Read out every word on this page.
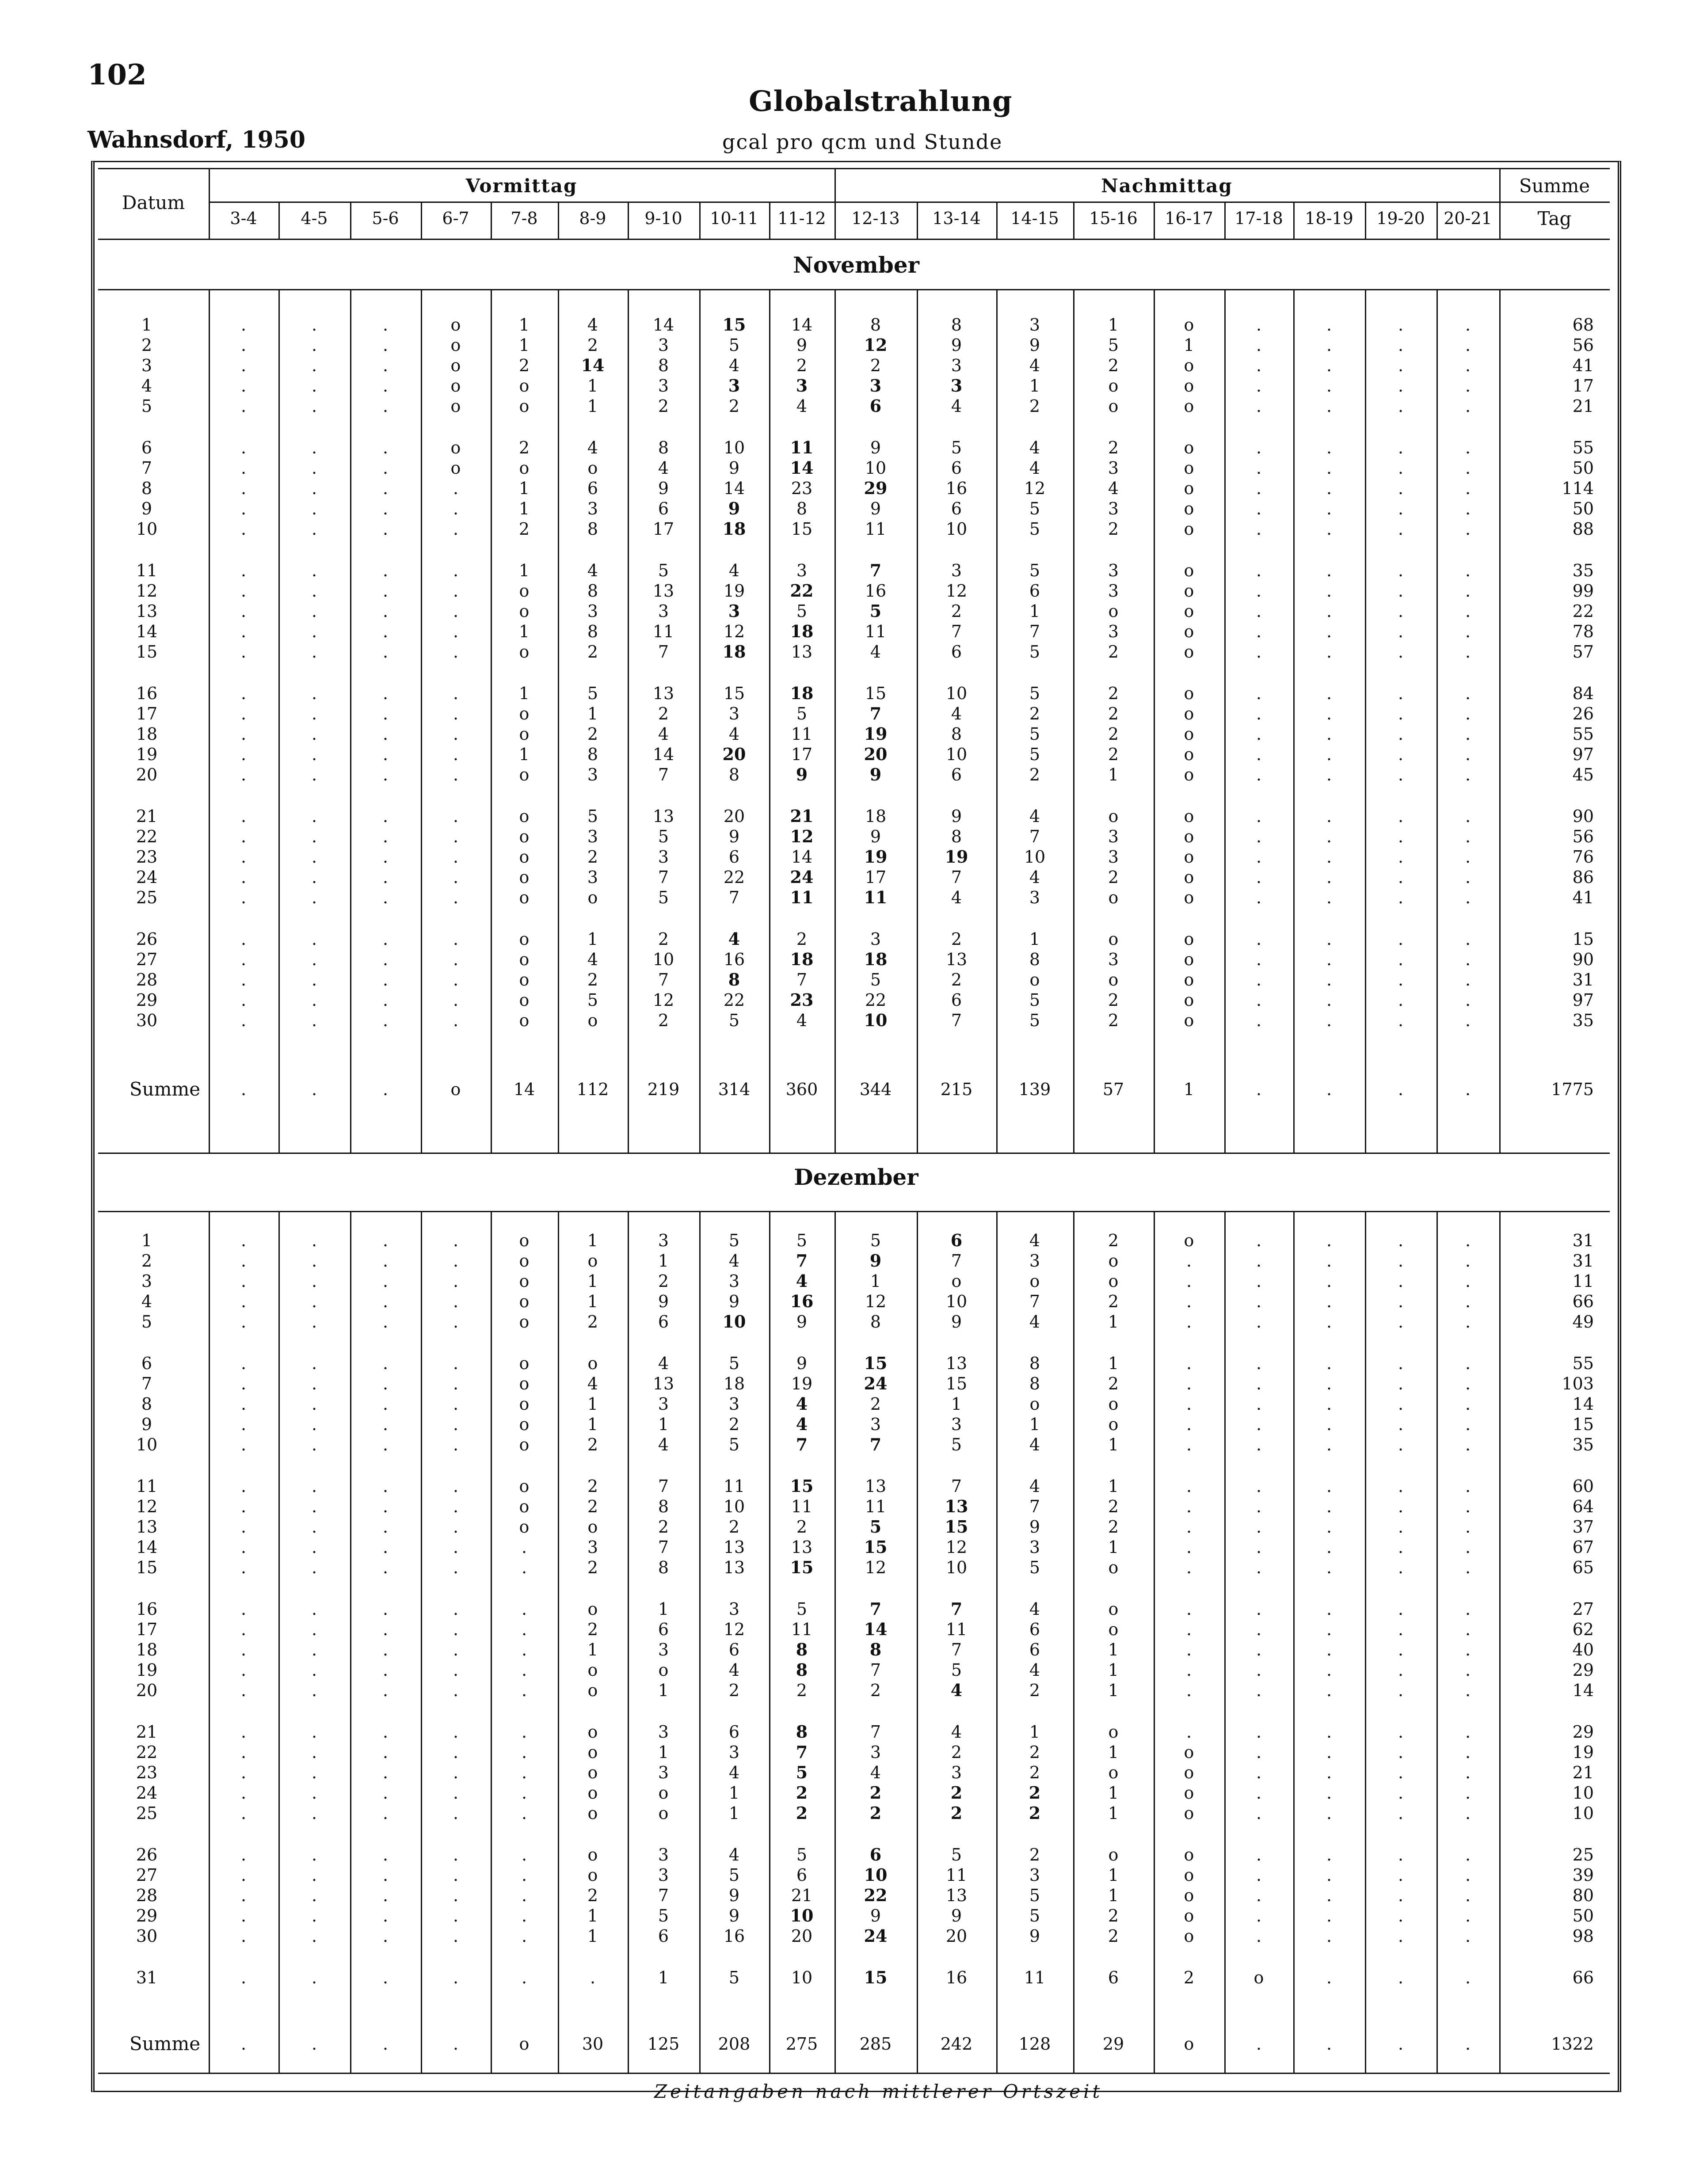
102
Globalstrahlung
Wahnsdorf, 1950	gcal pro qcm und Stunde
Datum
Vormittag	Nachmittag	Summe
Tag
3-4	4-5	5-6	6-7	7-8	8-9	9-10	10-11	11-12	12-13	13-14	14-15	15-16	16-17	17-18	18-19	19-20	20-21
November
1	.	.	.	o	1	4	14	15	14	8	8	3	1	o	.	.	.	.	68
2	.	.	.	o	1	2	3	5	9	12	9	9	5	1	.	.	.	.	56
3	.	.	.	o	2	14	8	4	2	2	3	4	2	o	.	.	.	.	41
4	.	.	.	o	o	1	3	3	3	3	3	1	o	o	.	.	.	.	17
5	.	.	.	o	o	1	2	2	4	6	4	2	o	o	.	.	.	.	21
6	.	.	.	o	2	4	8	10	11	9	5	4	2	o	.	.	.	.	55
7	.	.	.	o	o	o	4	9	14	10	6	4	3	o	.	.	.	.	50
8	.	.	.	.	1	6	9	14	23	29	16	12	4	o	.	.	.	.	114
9	.	.	.	.	1	3	6	9	8	9	6	5	3	o	.	.	.	.	50
10	.	.	.	.	2	8	17	18	15	11	10	5	2	o	.	.	.	.	88
11	.	.	.	.	1	4	5	4	3	7	3	5	3	o	.	.	.	.	35
12	.	.	.	.	o	8	13	19	22	16	12	6	3	o	.	.	.	.	99
13	.	.	.	.	o	3	3	3	5	5	2	1	o	o	.	.	.	.	22
14	.	.	.	.	1	8	11	12	18	11	7	7	3	o	.	.	.	.	78
15	.	.	.	.	o	2	7	18	13	4	6	5	2	o	.	.	.	.	57
16	.	.	.	.	1	5	13	15	18	15	10	5	2	o	.	.	.	.	84
17	.	.	.	.	o	1	2	3	5	7	4	2	2	o	.	.	.	.	26
18	.	.	.	.	o	2	4	4	11	19	8	5	2	o	.	.	.	.	55
19	.	.	.	.	1	8	14	20	17	20	10	5	2	o	.	.	.	.	97
20	.	.	.	.	o	3	7	8	9	9	6	2	1	o	.	.	.	.	45
21	.	.	.	.	o	5	13	20	21	18	9	4	o	o	.	.	.	.	90
22	.	.	.	.	o	3	5	9	12	9	8	7	3	o	.	.	.	.	56
23	.	.	.	.	o	2	3	6	14	19	19	10	3	o	.	.	.	.	76
24	.	.	.	.	o	3	7	22	24	17	7	4	2	o	.	.	.	.	86
25	.	.	.	.	o	o	5	7	11	11	4	3	o	o	.	.	.	.	41
26	.	.	.	.	o	1	2	4	2	3	2	1	o	o	.	.	.	.	15
27	.	.	.	.	o	4	10	16	18	18	13	8	3	o	.	.	.	.	90
28	.	.	.	.	o	2	7	8	7	5	2	o	o	o	.	.	.	.	31
29	.	.	.	.	o	5	12	22	23	22	6	5	2	o	.	.	.	.	97
30	.	.	.	.	o	o	2	5	4	10	7	5	2	o	.	.	.	.	35
Summe	.	.	.	o	14	112	219	314	360	344	215	139	57	1	.	.	.	.	1775
Dezember
1	.	.	.	.	o	1	3	5	5	5	6	4	2	o	.	.	.	.	31
2	.	.	.	.	o	o	1	4	7	9	7	3	o	.	.	.	.	.	31
3	.	.	.	.	o	1	2	3	4	1	o	o	o	.	.	.	.	.	11
4	.	.	.	.	o	1	9	9	16	12	10	7	2	.	.	.	.	.	66
5	.	.	.	.	o	2	6	10	9	8	9	4	1	.	.	.	.	.	49
6	.	.	.	.	o	o	4	5	9	15	13	8	1	.	.	.	.	.	55
7	.	.	.	.	o	4	13	18	19	24	15	8	2	.	.	.	.	.	103
8	.	.	.	.	o	1	3	3	4	2	1	o	o	.	.	.	.	.	14
9	.	.	.	.	o	1	1	2	4	3	3	1	o	.	.	.	.	.	15
10	.	.	.	.	o	2	4	5	7	7	5	4	1	.	.	.	.	.	35
11	.	.	.	.	o	2	7	11	15	13	7	4	1	.	.	.	.	.	60
12	.	.	.	.	o	2	8	10	11	11	13	7	2	.	.	.	.	.	64
13	.	.	.	.	o	o	2	2	2	5	15	9	2	.	.	.	.	.	37
14	.	.	.	.	.	3	7	13	13	15	12	3	1	.	.	.	.	.	67
15	.	.	.	.	.	2	8	13	15	12	10	5	o	.	.	.	.	.	65
16	.	.	.	.	.	o	1	3	5	7	7	4	o	.	.	.	.	.	27
17	.	.	.	.	.	2	6	12	11	14	11	6	o	.	.	.	.	.	62
18	.	.	.	.	.	1	3	6	8	8	7	6	1	.	.	.	.	.	40
19	.	.	.	.	.	o	o	4	8	7	5	4	1	.	.	.	.	.	29
20	.	.	.	.	.	o	1	2	2	2	4	2	1	.	.	.	.	.	14
21	.	.	.	.	.	o	3	6	8	7	4	1	o	.	.	.	.	.	29
22	.	.	.	.	.	o	1	3	7	3	2	2	1	o	.	.	.	.	19
23	.	.	.	.	.	o	3	4	5	4	3	2	o	o	.	.	.	.	21
24	.	.	.	.	.	o	o	1	2	2	2	2	1	o	.	.	.	.	10
25	.	.	.	.	.	o	o	1	2	2	2	2	1	o	.	.	.	.	10
26	.	.	.	.	.	o	3	4	5	6	5	2	o	o	.	.	.	.	25
27	.	.	.	.	.	o	3	5	6	10	11	3	1	o	.	.	.	.	39
28	.	.	.	.	.	2	7	9	21	22	13	5	1	o	.	.	.	.	80
29	.	.	.	.	.	1	5	9	10	9	9	5	2	o	.	.	.	.	50
30	.	.	.	.	.	1	6	16	20	24	20	9	2	o	.	.	.	.	98
31	.	.	.	.	.	.	1	5	10	15	16	11	6	2	o	.	.	.	66
Summe	.	.	.	.	o	30	125	208	275	285	242	128	29	o	.	.	.	.	1322
Zeitangaben nach mittlerer Ortszeit
